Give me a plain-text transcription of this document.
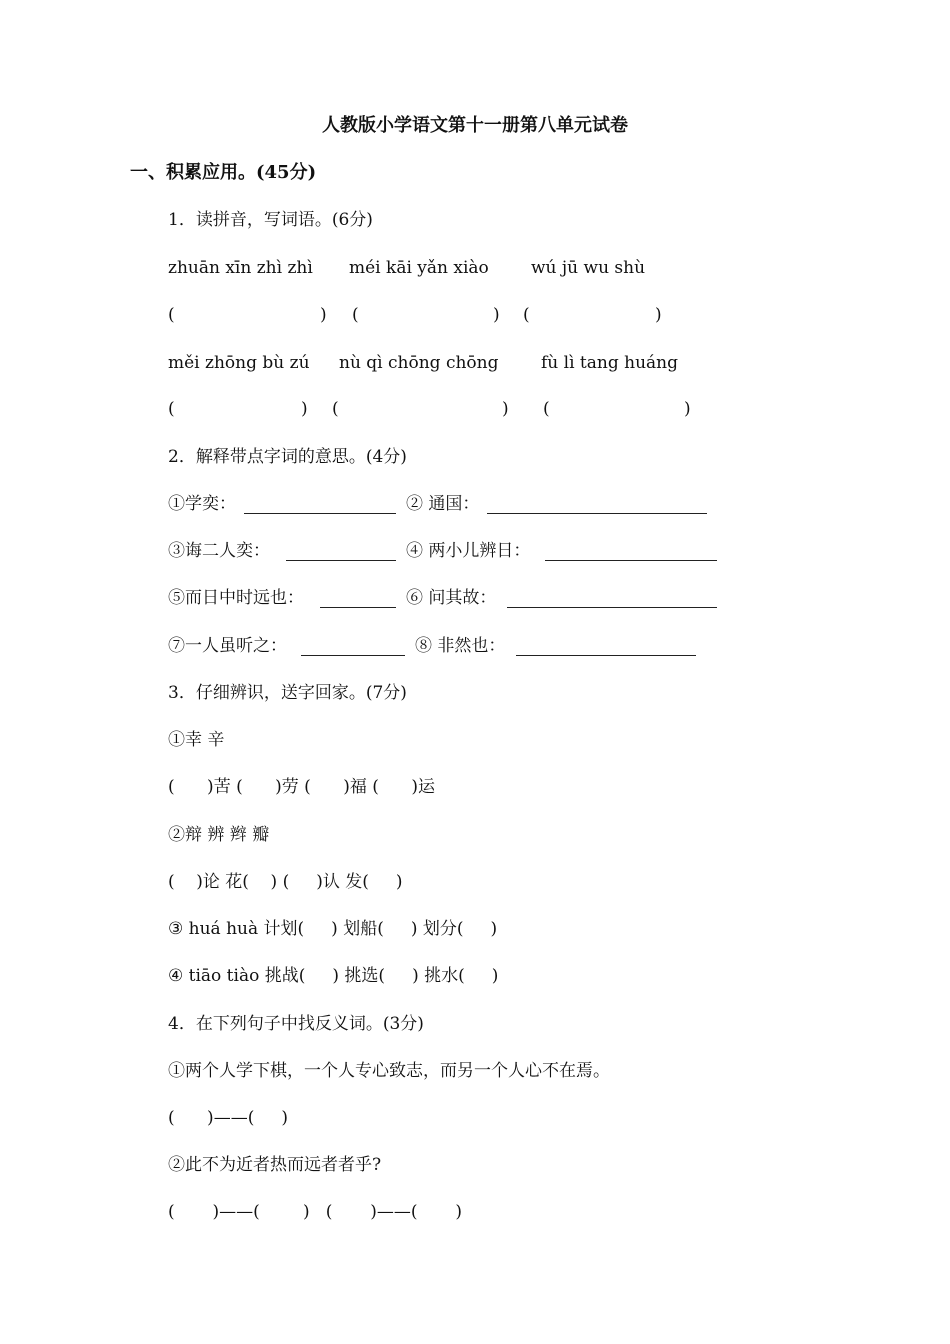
人教版小学语文第十一册第八单元试卷
一、积累应用。(45分)
1．读拼音，写词语。(6分)
zhuān xīn zhì zhì méi kāi yǎn xiào wú jū wu shù
(	) (	) (	)
měi zhōng bù zú nù qì chōng chōng	fù lì tang huáng
(	) (	) (	)
2．解释带点字词的意思。(4分)
①学奕：	② 通国：
③诲二人奕：	④ 两小儿辨日：
⑤而日中时远也：	⑥ 问其故：
⑦一人虽听之：	⑧ 非然也：
3．仔细辨识，送字回家。(7分)
①幸 辛
(      )苦 (      )劳 (      )福 (      )运
②辩 辨 辫 瓣
(    )论 花(    ) (     )认 发(     )
③ huá huà 计划(     ) 划船(     ) 划分(     )
④ tiāo tiào 挑战(     ) 挑选(     ) 挑水(     )
4．在下列句子中找反义词。(3分)
①两个人学下棋，一个人专心致志，而另一个人心不在焉。
(      )——(     )
②此不为近者热而远者者乎?
(       )——(        )   (       )——(       )
